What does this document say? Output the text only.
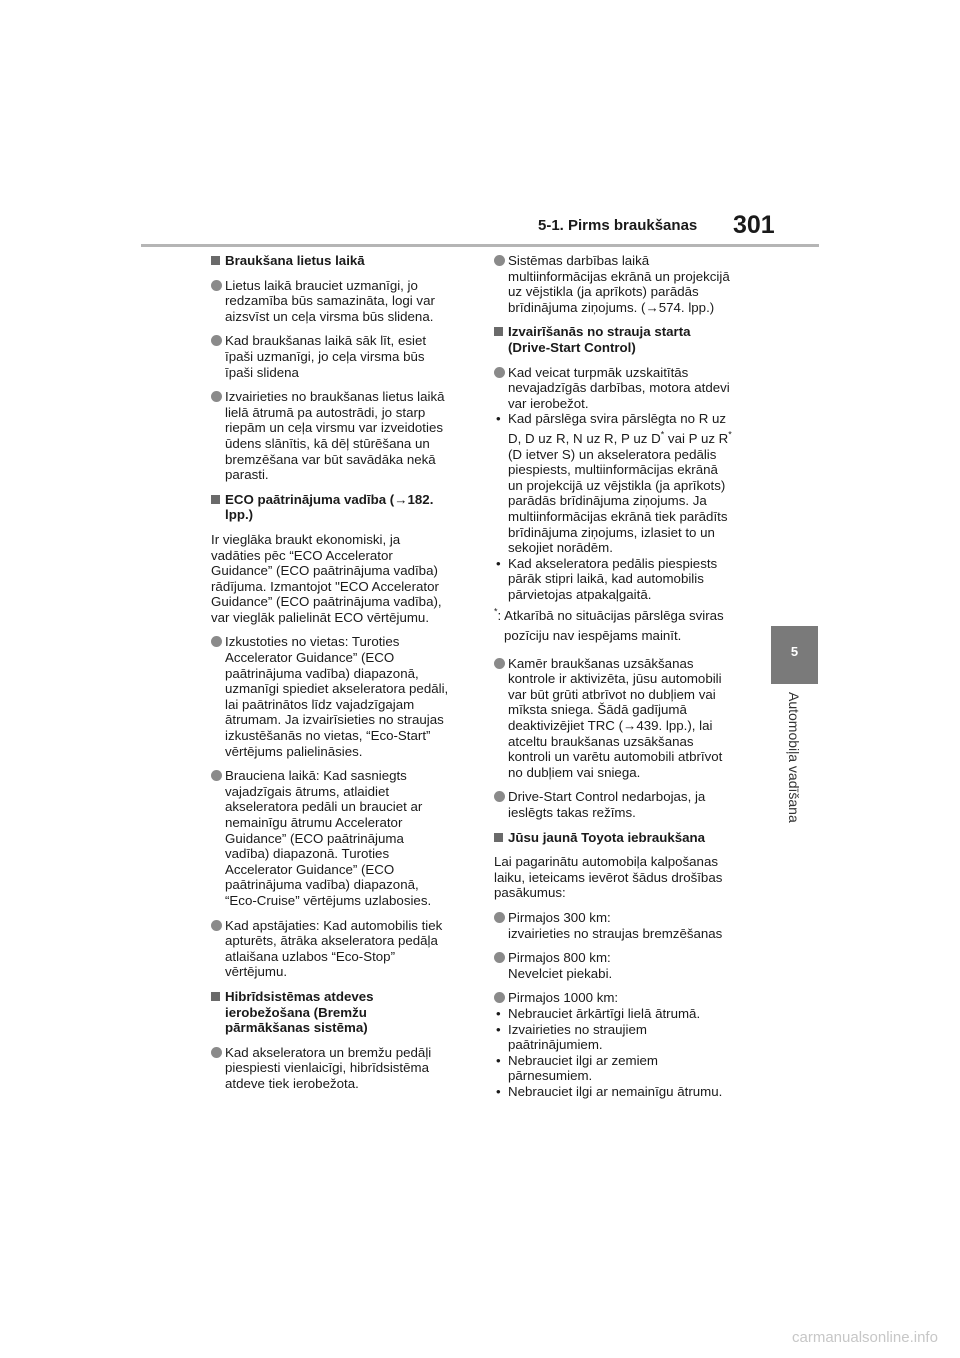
5-1. Pirms braukšanas 301
5
Automobiļa vadīšana
Braukšana lietus laikā
Lietus laikā brauciet uzmanīgi, jo
redzamība būs samazināta, logi var
aizsvīst un ceļa virsma būs slidena.
Kad braukšanas laikā sāk līt, esiet
īpaši uzmanīgi, jo ceļa virsma būs
īpaši slidena
Izvairieties no braukšanas lietus laikā
lielā ātrumā pa autostrādi, jo starp
riepām un ceļa virsmu var izveidoties
ūdens slānītis, kā dēļ stūrēšana un
bremzēšana var būt savādāka nekā
parasti.
ECO paātrinājuma vadība (→182.
lpp.)
Ir vieglāka braukt ekonomiski, ja
vadāties pēc “ECO Accelerator
Guidance” (ECO paātrinājuma vadība)
rādījuma. Izmantojot "ECO Accelerator
Guidance” (ECO paātrinājuma vadība),
var vieglāk palielināt ECO vērtējumu.
Izkustoties no vietas: Turoties
Accelerator Guidance” (ECO
paātrinājuma vadība) diapazonā,
uzmanīgi spiediet akseleratora pedāli,
lai paātrinātos līdz vajadzīgajam
ātrumam. Ja izvairīsieties no straujas
izkustēšanās no vietas, “Eco-Start”
vērtējums palielināsies.
Brauciena laikā: Kad sasniegts
vajadzīgais ātrums, atlaidiet
akseleratora pedāli un brauciet ar
nemainīgu ātrumu Accelerator
Guidance” (ECO paātrinājuma
vadība) diapazonā. Turoties
Accelerator Guidance” (ECO
paātrinājuma vadība) diapazonā,
“Eco-Cruise” vērtējums uzlabosies.
Kad apstājaties: Kad automobilis tiek
apturēts, ātrāka akseleratora pedāļa
atlaišana uzlabos “Eco-Stop”
vērtējumu.
Hibrīdsistēmas atdeves
ierobežošana (Bremžu
pārmākšanas sistēma)
Kad akseleratora un bremžu pedāļi
piespiesti vienlaicīgi, hibrīdsistēma
atdeve tiek ierobežota.
Sistēmas darbības laikā
multiinformācijas ekrānā un projekcijā
uz vējstikla (ja aprīkots) parādās
brīdinājuma ziņojums. (→574. lpp.)
Izvairīšanās no strauja starta
(Drive-Start Control)
Kad veicat turpmāk uzskaitītās
nevajadzīgās darbības, motora atdevi
var ierobežot.
• Kad pārslēga svira pārslēgta no R uz
D, D uz R, N uz R, P uz D* vai P uz R*
(D ietver S) un akseleratora pedālis
piespiests, multiinformācijas ekrānā
un projekcijā uz vējstikla (ja aprīkots)
parādās brīdinājuma ziņojums. Ja
multiinformācijas ekrānā tiek parādīts
brīdinājuma ziņojums, izlasiet to un
sekojiet norādēm.
• Kad akseleratora pedālis piespiests
pārāk stipri laikā, kad automobilis
pārvietojas atpakaļgaitā.
*: Atkarībā no situācijas pārslēga sviras
pozīciju nav iespējams mainīt.
Kamēr braukšanas uzsākšanas
kontrole ir aktivizēta, jūsu automobili
var būt grūti atbrīvot no dubļiem vai
mīksta sniega. Šādā gadījumā
deaktivizējiet TRC (→439. lpp.), lai
atceltu braukšanas uzsākšanas
kontroli un varētu automobili atbrīvot
no dubļiem vai sniega.
Drive-Start Control nedarbojas, ja
ieslēgts takas režīms.
Jūsu jaunā Toyota iebraukšana
Lai pagarinātu automobiļa kalpošanas
laiku, ieteicams ievērot šādus drošības
pasākumus:
Pirmajos 300 km:
izvairieties no straujas bremzēšanas
Pirmajos 800 km:
Nevelciet piekabi.
Pirmajos 1000 km:
• Nebrauciet ārkārtīgi lielā ātrumā.
• Izvairieties no straujiem
paātrinājumiem.
• Nebrauciet ilgi ar zemiem
pārnesumiem.
• Nebrauciet ilgi ar nemainīgu ātrumu.
carmanualsonline.info
